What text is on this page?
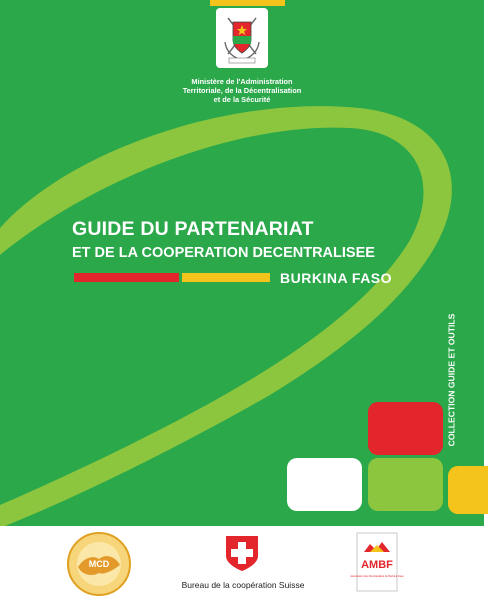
Ministère de l'Administration
Territoriale, de la Décentralisation
et de la Sécurité
GUIDE DU PARTENARIAT
ET DE LA COOPERATION DECENTRALISEE
BURKINA FASO
COLLECTION GUIDE ET OUTILS
MCD
Bureau de la coopération Suisse
AMBF
Association des Municipalités du Burkina Faso
